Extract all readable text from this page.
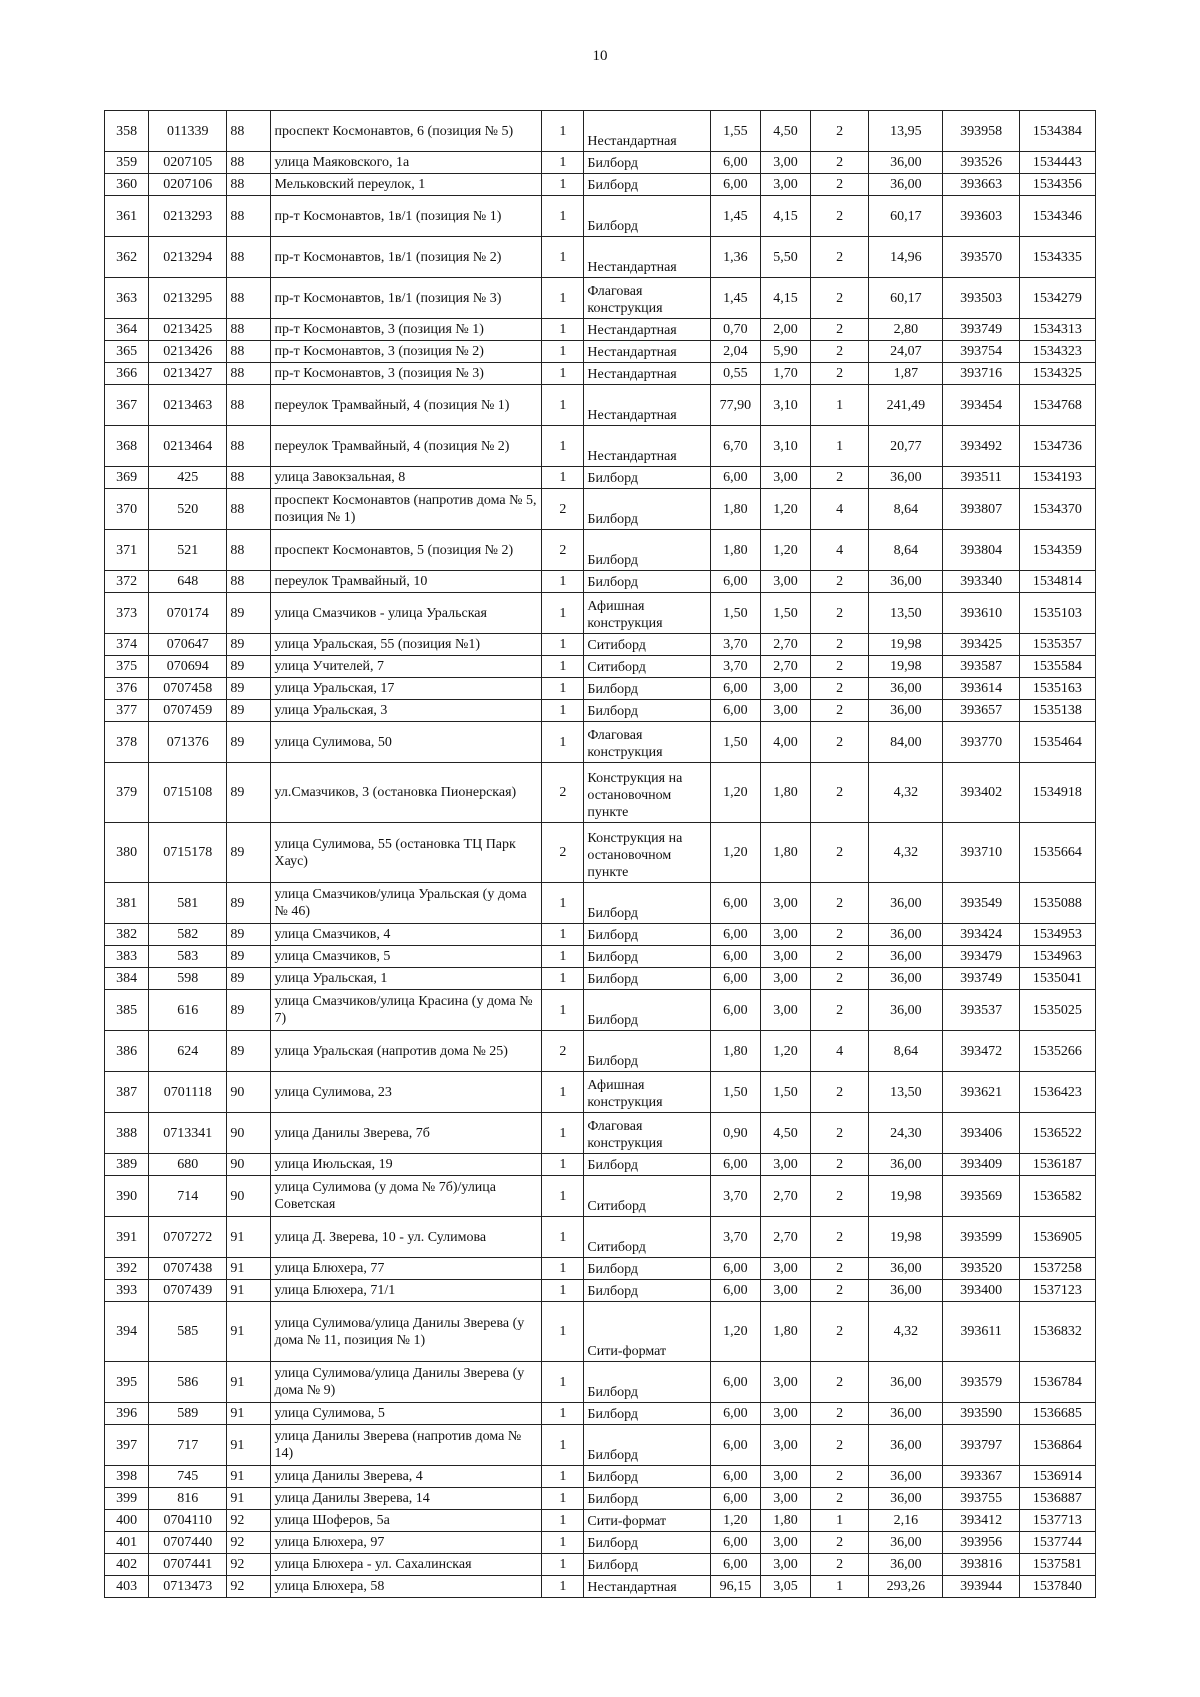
10
358	011339	88	проспект Космонавтов, 6 (позиция № 5)	1	Нестандартная	1,55	4,50	2	13,95	393958	1534384
359	0207105	88	улица Маяковского, 1а	1	Билборд	6,00	3,00	2	36,00	393526	1534443
360	0207106	88	Мельковский переулок, 1	1	Билборд	6,00	3,00	2	36,00	393663	1534356
361	0213293	88	пр-т Космонавтов, 1в/1 (позиция № 1)	1	Билборд	1,45	4,15	2	60,17	393603	1534346
362	0213294	88	пр-т Космонавтов, 1в/1 (позиция № 2)	1	Нестандартная	1,36	5,50	2	14,96	393570	1534335
363	0213295	88	пр-т Космонавтов, 1в/1 (позиция № 3)	1	Флаговая конструкция	1,45	4,15	2	60,17	393503	1534279
364	0213425	88	пр-т Космонавтов, 3 (позиция № 1)	1	Нестандартная	0,70	2,00	2	2,80	393749	1534313
365	0213426	88	пр-т Космонавтов, 3 (позиция № 2)	1	Нестандартная	2,04	5,90	2	24,07	393754	1534323
366	0213427	88	пр-т Космонавтов, 3 (позиция № 3)	1	Нестандартная	0,55	1,70	2	1,87	393716	1534325
367	0213463	88	переулок Трамвайный, 4 (позиция № 1)	1	Нестандартная	77,90	3,10	1	241,49	393454	1534768
368	0213464	88	переулок Трамвайный, 4 (позиция № 2)	1	Нестандартная	6,70	3,10	1	20,77	393492	1534736
369	425	88	улица Завокзальная, 8	1	Билборд	6,00	3,00	2	36,00	393511	1534193
370	520	88	проспект Космонавтов (напротив дома № 5, позиция № 1)	2	Билборд	1,80	1,20	4	8,64	393807	1534370
371	521	88	проспект Космонавтов, 5 (позиция № 2)	2	Билборд	1,80	1,20	4	8,64	393804	1534359
372	648	88	переулок Трамвайный, 10	1	Билборд	6,00	3,00	2	36,00	393340	1534814
373	070174	89	улица Смазчиков - улица Уральская	1	Афишная конструкция	1,50	1,50	2	13,50	393610	1535103
374	070647	89	улица Уральская, 55 (позиция №1)	1	Ситиборд	3,70	2,70	2	19,98	393425	1535357
375	070694	89	улица Учителей, 7	1	Ситиборд	3,70	2,70	2	19,98	393587	1535584
376	0707458	89	улица Уральская, 17	1	Билборд	6,00	3,00	2	36,00	393614	1535163
377	0707459	89	улица Уральская, 3	1	Билборд	6,00	3,00	2	36,00	393657	1535138
378	071376	89	улица Сулимова, 50	1	Флаговая конструкция	1,50	4,00	2	84,00	393770	1535464
379	0715108	89	ул.Смазчиков, 3 (остановка Пионерская)	2	Конструкция на остановочном пункте	1,20	1,80	2	4,32	393402	1534918
380	0715178	89	улица Сулимова, 55 (остановка ТЦ Парк Хаус)	2	Конструкция на остановочном пункте	1,20	1,80	2	4,32	393710	1535664
381	581	89	улица Смазчиков/улица Уральская (у дома № 46)	1	Билборд	6,00	3,00	2	36,00	393549	1535088
382	582	89	улица Смазчиков, 4	1	Билборд	6,00	3,00	2	36,00	393424	1534953
383	583	89	улица Смазчиков, 5	1	Билборд	6,00	3,00	2	36,00	393479	1534963
384	598	89	улица Уральская, 1	1	Билборд	6,00	3,00	2	36,00	393749	1535041
385	616	89	улица Смазчиков/улица Красина (у дома № 7)	1	Билборд	6,00	3,00	2	36,00	393537	1535025
386	624	89	улица Уральская (напротив дома № 25)	2	Билборд	1,80	1,20	4	8,64	393472	1535266
387	0701118	90	улица Сулимова, 23	1	Афишная конструкция	1,50	1,50	2	13,50	393621	1536423
388	0713341	90	улица Данилы Зверева, 7б	1	Флаговая конструкция	0,90	4,50	2	24,30	393406	1536522
389	680	90	улица Июльская, 19	1	Билборд	6,00	3,00	2	36,00	393409	1536187
390	714	90	улица Сулимова (у дома № 7б)/улица Советская	1	Ситиборд	3,70	2,70	2	19,98	393569	1536582
391	0707272	91	улица Д. Зверева, 10 - ул. Сулимова	1	Ситиборд	3,70	2,70	2	19,98	393599	1536905
392	0707438	91	улица Блюхера, 77	1	Билборд	6,00	3,00	2	36,00	393520	1537258
393	0707439	91	улица Блюхера, 71/1	1	Билборд	6,00	3,00	2	36,00	393400	1537123
394	585	91	улица Сулимова/улица Данилы Зверева (у дома № 11, позиция № 1)	1	Сити-формат	1,20	1,80	2	4,32	393611	1536832
395	586	91	улица Сулимова/улица Данилы Зверева (у дома № 9)	1	Билборд	6,00	3,00	2	36,00	393579	1536784
396	589	91	улица Сулимова, 5	1	Билборд	6,00	3,00	2	36,00	393590	1536685
397	717	91	улица Данилы Зверева (напротив дома № 14)	1	Билборд	6,00	3,00	2	36,00	393797	1536864
398	745	91	улица Данилы Зверева, 4	1	Билборд	6,00	3,00	2	36,00	393367	1536914
399	816	91	улица Данилы Зверева, 14	1	Билборд	6,00	3,00	2	36,00	393755	1536887
400	0704110	92	улица Шоферов, 5а	1	Сити-формат	1,20	1,80	1	2,16	393412	1537713
401	0707440	92	улица Блюхера, 97	1	Билборд	6,00	3,00	2	36,00	393956	1537744
402	0707441	92	улица Блюхера - ул. Сахалинская	1	Билборд	6,00	3,00	2	36,00	393816	1537581
403	0713473	92	улица Блюхера, 58	1	Нестандартная	96,15	3,05	1	293,26	393944	1537840
